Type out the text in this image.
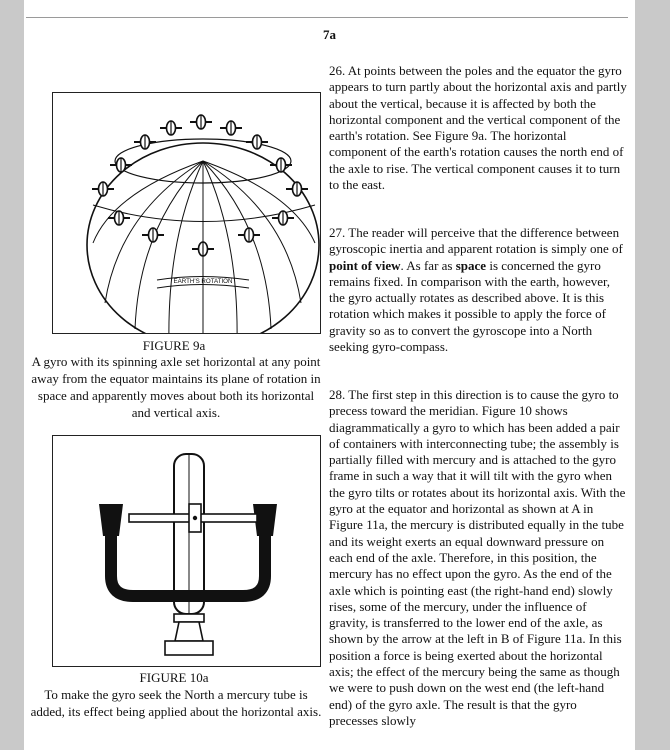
7a
EARTH'S ROTATION
FIGURE 9a
A gyro with its spinning axle set horizontal at any point away from the equator maintains its plane of rotation in space and apparently moves about both its horizontal and vertical axis.
FIGURE 10a
To make the gyro seek the North a mercury tube is added, its effect being applied about the horizontal axis.

26. At points between the poles and the equator the gyro appears to turn partly about the horizontal axis and partly about the vertical, because it is affected by both the horizontal component and the vertical component of the earth's rotation. See Figure 9a. The horizontal component of the earth's rotation causes the north end of the axle to rise. The vertical component causes it to turn to the east.

27. The reader will perceive that the difference between gyroscopic inertia and apparent rotation is simply one of point of view. As far as space is concerned the gyro remains fixed. In comparison with the earth, however, the gyro actually rotates as described above. It is this rotation which makes it possible to apply the force of gravity so as to convert the gyroscope into a North seeking gyro-compass.

28. The first step in this direction is to cause the gyro to precess toward the meridian. Figure 10 shows diagrammatically a gyro to which has been added a pair of containers with interconnecting tube; the assembly is partially filled with mercury and is attached to the gyro frame in such a way that it will tilt with the gyro when the gyro tilts or rotates about its horizontal axis. With the gyro at the equator and horizontal as shown at A in Figure 11a, the mercury is distributed equally in the tube and its weight exerts an equal downward pressure on each end of the axle. Therefore, in this position, the mercury has no effect upon the gyro. As the end of the axle which is pointing east (the right-hand end) slowly rises, some of the mercury, under the influence of gravity, is transferred to the lower end of the axle, as shown by the arrow at the left in B of Figure 11a. In this position a force is being exerted about the horizontal axis; the effect of the mercury being the same as though we were to push down on the west end (the left-hand end) of the gyro axle. The result is that the gyro precesses slowly
